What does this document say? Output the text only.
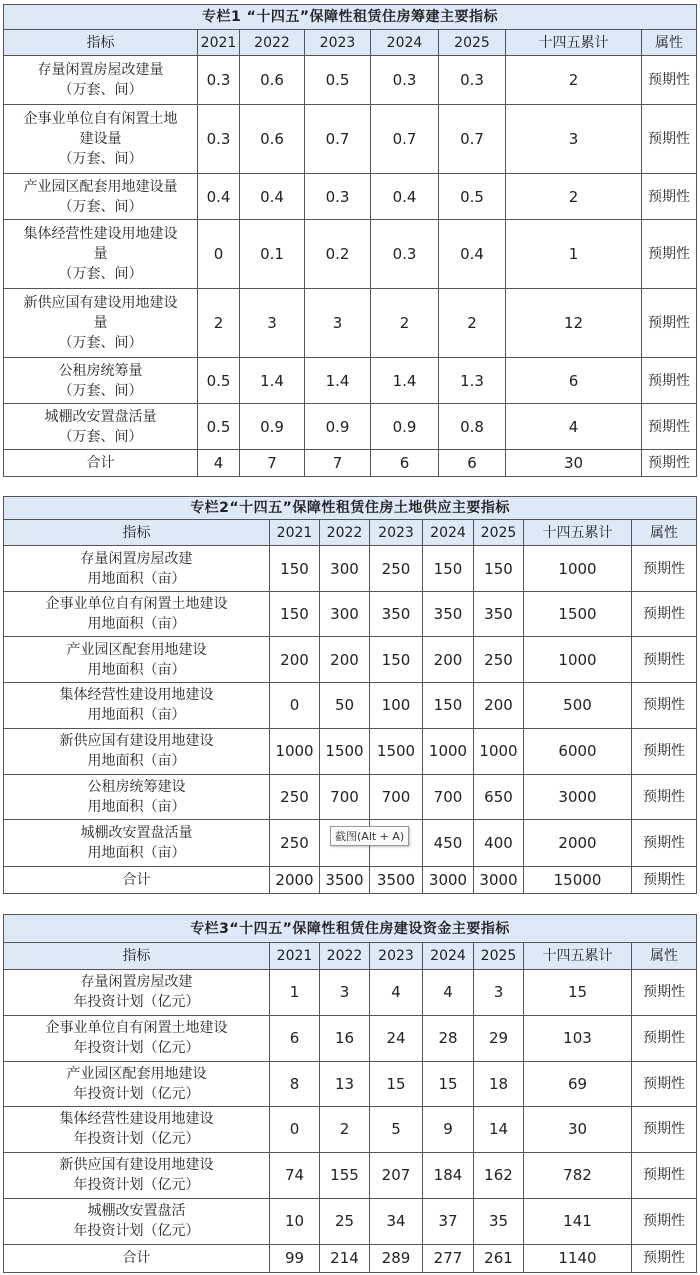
专栏1 “十四五”保障性租赁住房筹建主要指标							
指标	2021	2022	2023	2024	2025	十四五累计	属性

存量闲置房屋改建量
（万套、间）	0.3	0.6	0.5	0.3	0.3	2	预期性

企事业单位自有闲置土地
建设量
（万套、间）	0.3	0.6	0.7	0.7	0.7	3	预期性

产业园区配套用地建设量
（万套、间）	0.4	0.4	0.3	0.4	0.5	2	预期性

集体经营性建设用地建设
量
（万套、间）	0	0.1	0.2	0.3	0.4	1	预期性

新供应国有建设用地建设
量
（万套、间）	2	3	3	2	2	12	预期性

公租房统筹量
（万套、间）	0.5	1.4	1.4	1.4	1.3	6	预期性

城棚改安置盘活量
（万套、间）	0.5	0.9	0.9	0.9	0.8	4	预期性
合计	4	7	7	6	6	30	预期性
专栏2“十四五”保障性租赁住房土地供应主要指标							
指标	2021	2022	2023	2024	2025	十四五累计	属性

存量闲置房屋改建
用地面积（亩）	150	300	250	150	150	1000	预期性

企事业单位自有闲置土地建设
用地面积（亩）	150	300	350	350	350	1500	预期性

产业园区配套用地建设
用地面积（亩）	200	200	150	200	250	1000	预期性

集体经营性建设用地建设
用地面积（亩）	0	50	100	150	200	500	预期性

新供应国有建设用地建设
用地面积（亩）	1000	1500	1500	1000	1000	6000	预期性

公租房统筹建设
用地面积（亩）	250	700	700	700	650	3000	预期性

城棚改安置盘活量
用地面积（亩）	250			450	400	2000	预期性
合计	2000	3500	3500	3000	3000	15000	预期性
专栏3“十四五”保障性租赁住房建设资金主要指标							
指标	2021	2022	2023	2024	2025	十四五累计	属性

存量闲置房屋改建
年投资计划（亿元）	1	3	4	4	3	15	预期性

企事业单位自有闲置土地建设
年投资计划（亿元）	6	16	24	28	29	103	预期性

产业园区配套用地建设
年投资计划（亿元）	8	13	15	15	18	69	预期性

集体经营性建设用地建设
年投资计划（亿元）	0	2	5	9	14	30	预期性

新供应国有建设用地建设
年投资计划（亿元）	74	155	207	184	162	782	预期性

城棚改安置盘活
年投资计划（亿元）	10	25	34	37	35	141	预期性
合计	99	214	289	277	261	1140	预期性
截图(Alt + A)
